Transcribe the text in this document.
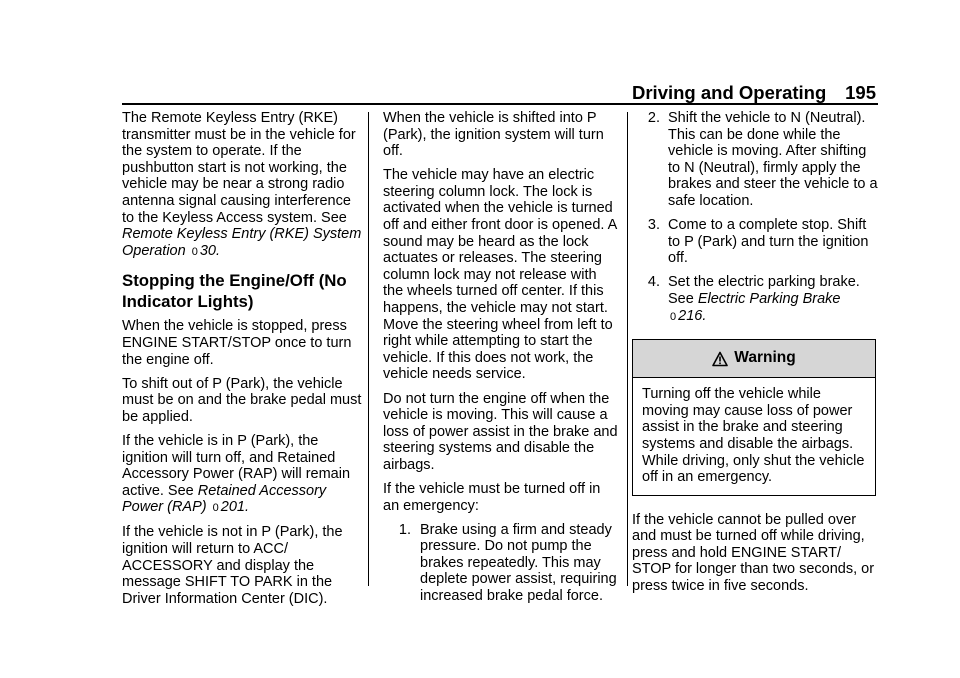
Driving and Operating 195

The Remote Keyless Entry (RKE) transmitter must be in the vehicle for the system to operate. If the pushbutton start is not working, the vehicle may be near a strong radio antenna signal causing interference to the Keyless Access system. See Remote Keyless Entry (RKE) System Operation 0 30.

Stopping the Engine/Off (No Indicator Lights)

When the vehicle is stopped, press ENGINE START/STOP once to turn the engine off.

To shift out of P (Park), the vehicle must be on and the brake pedal must be applied.

If the vehicle is in P (Park), the ignition will turn off, and Retained Accessory Power (RAP) will remain active. See Retained Accessory Power (RAP) 0 201.

If the vehicle is not in P (Park), the ignition will return to ACC/ ACCESSORY and display the message SHIFT TO PARK in the Driver Information Center (DIC).

When the vehicle is shifted into P (Park), the ignition system will turn off.

The vehicle may have an electric steering column lock. The lock is activated when the vehicle is turned off and either front door is opened. A sound may be heard as the lock actuates or releases. The steering column lock may not release with the wheels turned off center. If this happens, the vehicle may not start. Move the steering wheel from left to right while attempting to start the vehicle. If this does not work, the vehicle needs service.

Do not turn the engine off when the vehicle is moving. This will cause a loss of power assist in the brake and steering systems and disable the airbags.

If the vehicle must be turned off in an emergency:

1. Brake using a firm and steady pressure. Do not pump the brakes repeatedly. This may deplete power assist, requiring increased brake pedal force.
2. Shift the vehicle to N (Neutral). This can be done while the vehicle is moving. After shifting to N (Neutral), firmly apply the brakes and steer the vehicle to a safe location.
3. Come to a complete stop. Shift to P (Park) and turn the ignition off.
4. Set the electric parking brake. See Electric Parking Brake
0 216.
Warning
Turning off the vehicle while moving may cause loss of power assist in the brake and steering systems and disable the airbags. While driving, only shut the vehicle off in an emergency.

If the vehicle cannot be pulled over and must be turned off while driving, press and hold ENGINE START/ STOP for longer than two seconds, or press twice in five seconds.
